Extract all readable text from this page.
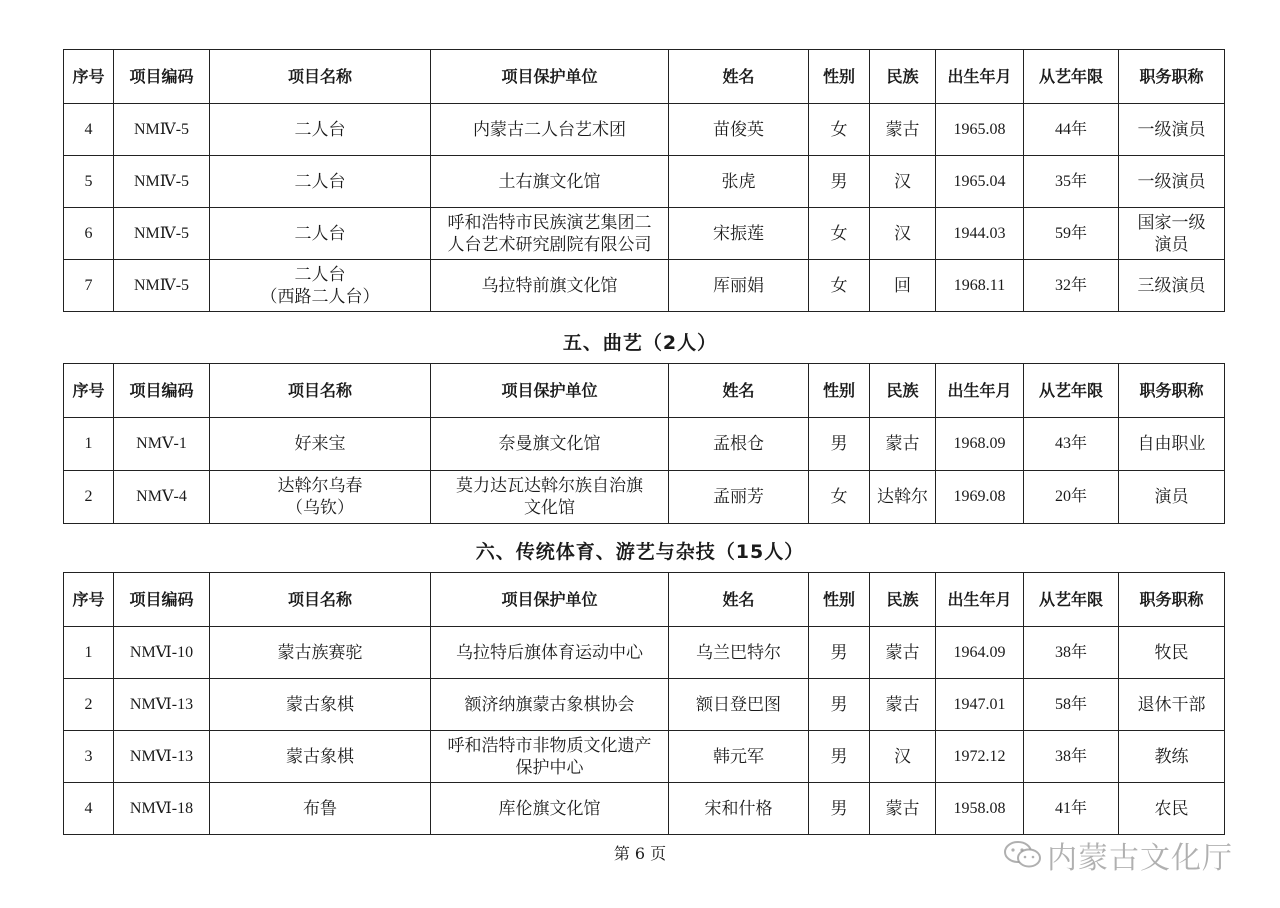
序号	项目编码	项目名称	项目保护单位	姓名	性别	民族	出生年月	从艺年限	职务职称
4	NMⅣ-5	二人台	内蒙古二人台艺术团	苗俊英	女	蒙古	1965.08	44年	一级演员

5	NMⅣ-5	二人台	土右旗文化馆	张虎	男	汉	1965.04	35年	一级演员

6	NMⅣ-5	二人台	呼和浩特市民族演艺集团二
人台艺术研究剧院有限公司	宋振莲	女	汉	1944.03	59年	国家一级
演员

7	NMⅣ-5	二人台
（西路二人台）	乌拉特前旗文化馆	厍丽娟	女	回	1968.11	32年	三级演员
五、曲艺（2人）
序号	项目编码	项目名称	项目保护单位	姓名	性别	民族	出生年月	从艺年限	职务职称
1	NMⅤ-1	好来宝	奈曼旗文化馆	孟根仓	男	蒙古	1968.09	43年	自由职业

2	NMⅤ-4	达斡尔乌春
（乌钦）	莫力达瓦达斡尔族自治旗
文化馆	孟丽芳	女	达斡尔	1969.08	20年	演员
六、传统体育、游艺与杂技（15人）
序号	项目编码	项目名称	项目保护单位	姓名	性别	民族	出生年月	从艺年限	职务职称
1	NMⅥ-10	蒙古族赛驼	乌拉特后旗体育运动中心	乌兰巴特尔	男	蒙古	1964.09	38年	牧民

2	NMⅥ-13	蒙古象棋	额济纳旗蒙古象棋协会	额日登巴图	男	蒙古	1947.01	58年	退休干部

3	NMⅥ-13	蒙古象棋	呼和浩特市非物质文化遗产
保护中心	韩元军	男	汉	1972.12	38年	教练

4	NMⅥ-18	布鲁	库伦旗文化馆	宋和什格	男	蒙古	1958.08	41年	农民
第 6 页	内蒙古文化厅
